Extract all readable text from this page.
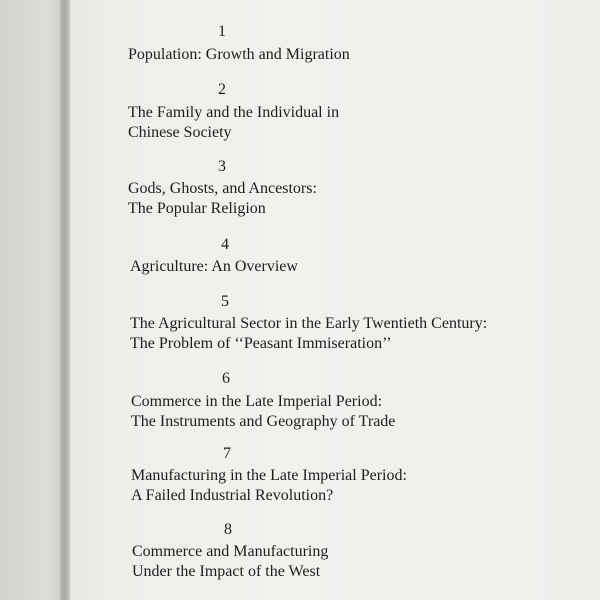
1
Population: Growth and Migration
2
The Family and the Individual in
Chinese Society
3
Gods, Ghosts, and Ancestors:
The Popular Religion
4
Agriculture: An Overview
5
The Agricultural Sector in the Early Twentieth Century:
The Problem of ‘‘Peasant Immiseration’’
6
Commerce in the Late Imperial Period:
The Instruments and Geography of Trade
7
Manufacturing in the Late Imperial Period:
A Failed Industrial Revolution?
8
Commerce and Manufacturing
Under the Impact of the West
